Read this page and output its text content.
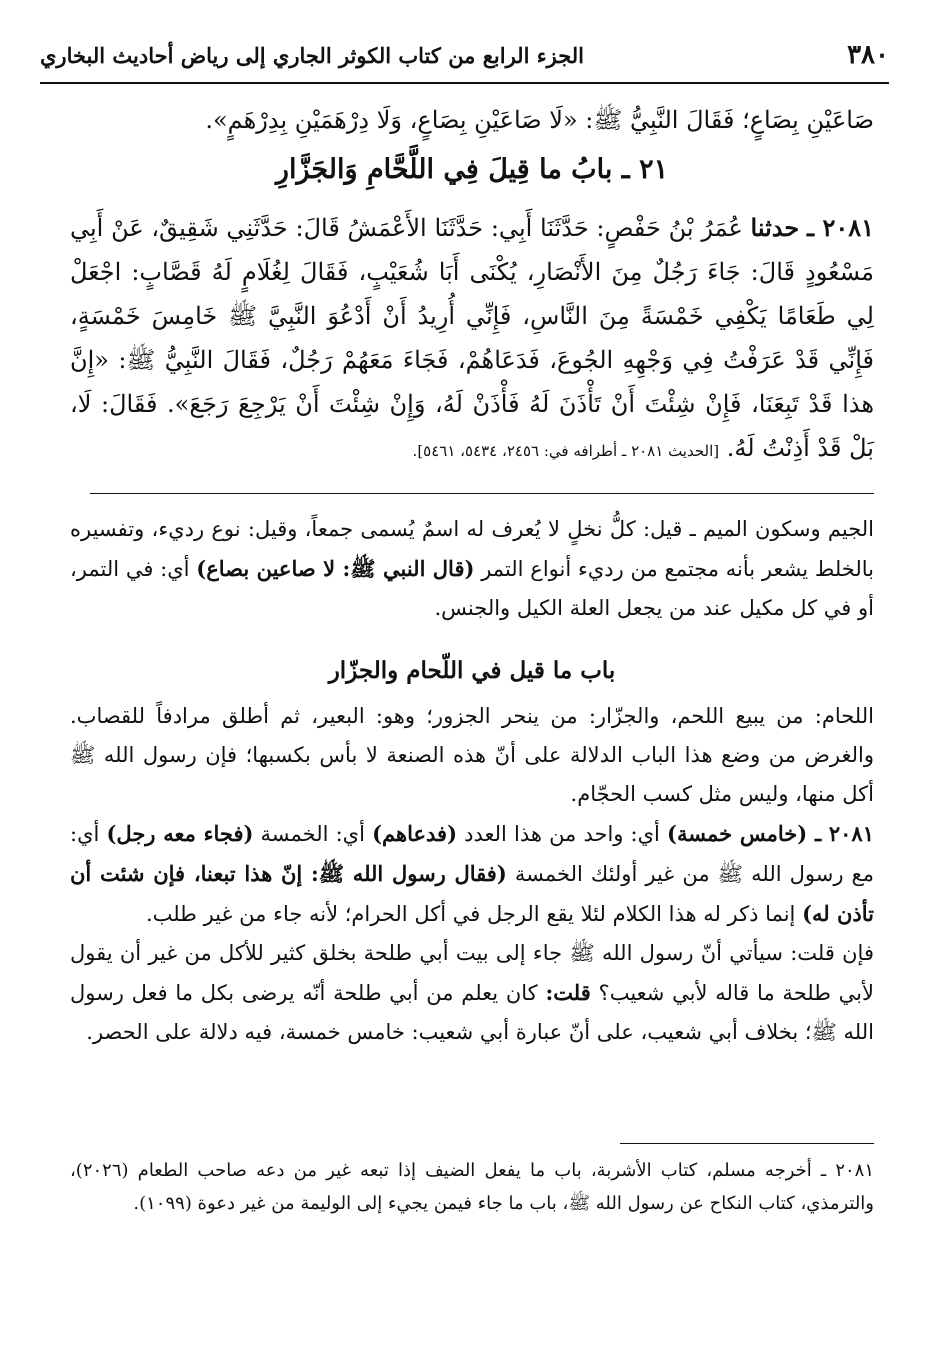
٣٨٠
الجزء الرابع من كتاب الكوثر الجاري إلى رياض أحاديث البخاري

صَاعَيْنِ بِصَاعٍ؛ فَقَالَ النَّبِيُّ ﷺ: «لَا صَاعَيْنِ بِصَاعٍ، وَلَا دِرْهَمَيْنِ بِدِرْهَمٍ».

٢١ ـ بابُ ما قِيلَ فِي اللَّحَّامِ وَالجَزَّارِ

٢٠٨١ ـ حدثنا عُمَرُ بْنُ حَفْصٍ: حَدَّثَنَا أَبِي: حَدَّثَنَا الأَعْمَشُ قَالَ: حَدَّثَنِي شَقِيقٌ، عَنْ أَبِي مَسْعُودٍ قَالَ: جَاءَ رَجُلٌ مِنَ الأَنْصَارِ، يُكْنَى أَبَا شُعَيْبٍ، فَقَالَ لِغُلَامٍ لَهُ قَصَّابٍ: اجْعَلْ لِي طَعَامًا يَكْفِي خَمْسَةً مِنَ النَّاسِ، فَإِنِّي أُرِيدُ أَنْ أَدْعُوَ النَّبِيَّ ﷺ خَامِسَ خَمْسَةٍ، فَإِنِّي قَدْ عَرَفْتُ فِي وَجْهِهِ الجُوعَ، فَدَعَاهُمْ، فَجَاءَ مَعَهُمْ رَجُلٌ، فَقَالَ النَّبِيُّ ﷺ: «إِنَّ هذا قَدْ تَبِعَنَا، فَإِنْ شِئْتَ أَنْ تَأْذَنَ لَهُ فَأْذَنْ لَهُ، وَإِنْ شِئْتَ أَنْ يَرْجِعَ رَجَعَ». فَقَالَ: لَا، بَلْ قَدْ أَذِنْتُ لَهُ. [الحديث ٢٠٨١ ـ أطرافه في: ٢٤٥٦، ٥٤٣٤، ٥٤٦١].

الجيم وسكون الميم ـ قيل: كلُّ نخلٍ لا يُعرف له اسمٌ يُسمى جمعاً، وقيل: نوع رديء، وتفسيره بالخلط يشعر بأنه مجتمع من رديء أنواع التمر (قال النبي ﷺ: لا صاعين بصاع) أي: في التمر، أو في كل مكيل عند من يجعل العلة الكيل والجنس.

باب ما قيل في اللّحام والجزّار

اللحام: من يبيع اللحم، والجزّار: من ينحر الجزور؛ وهو: البعير، ثم أطلق مرادفاً للقصاب. والغرض من وضع هذا الباب الدلالة على أنّ هذه الصنعة لا بأس بكسبها؛ فإن رسول الله ﷺ أكل منها، وليس مثل كسب الحجّام.

٢٠٨١ ـ (خامس خمسة) أي: واحد من هذا العدد (فدعاهم) أي: الخمسة (فجاء معه رجل) أي: مع رسول الله ﷺ من غير أولئك الخمسة (فقال رسول الله ﷺ: إنّ هذا تبعنا، فإن شئت أن تأذن له) إنما ذكر له هذا الكلام لئلا يقع الرجل في أكل الحرام؛ لأنه جاء من غير طلب.

فإن قلت: سيأتي أنّ رسول الله ﷺ جاء إلى بيت أبي طلحة بخلق كثير للأكل من غير أن يقول لأبي طلحة ما قاله لأبي شعيب؟ قلت: كان يعلم من أبي طلحة أنّه يرضى بكل ما فعل رسول الله ﷺ؛ بخلاف أبي شعيب، على أنّ عبارة أبي شعيب: خامس خمسة، فيه دلالة على الحصر.

٢٠٨١ ـ أخرجه مسلم، كتاب الأشربة، باب ما يفعل الضيف إذا تبعه غير من دعه صاحب الطعام (٢٠٢٦)، والترمذي، كتاب النكاح عن رسول الله ﷺ، باب ما جاء فيمن يجيء إلى الوليمة من غير دعوة (١٠٩٩).
